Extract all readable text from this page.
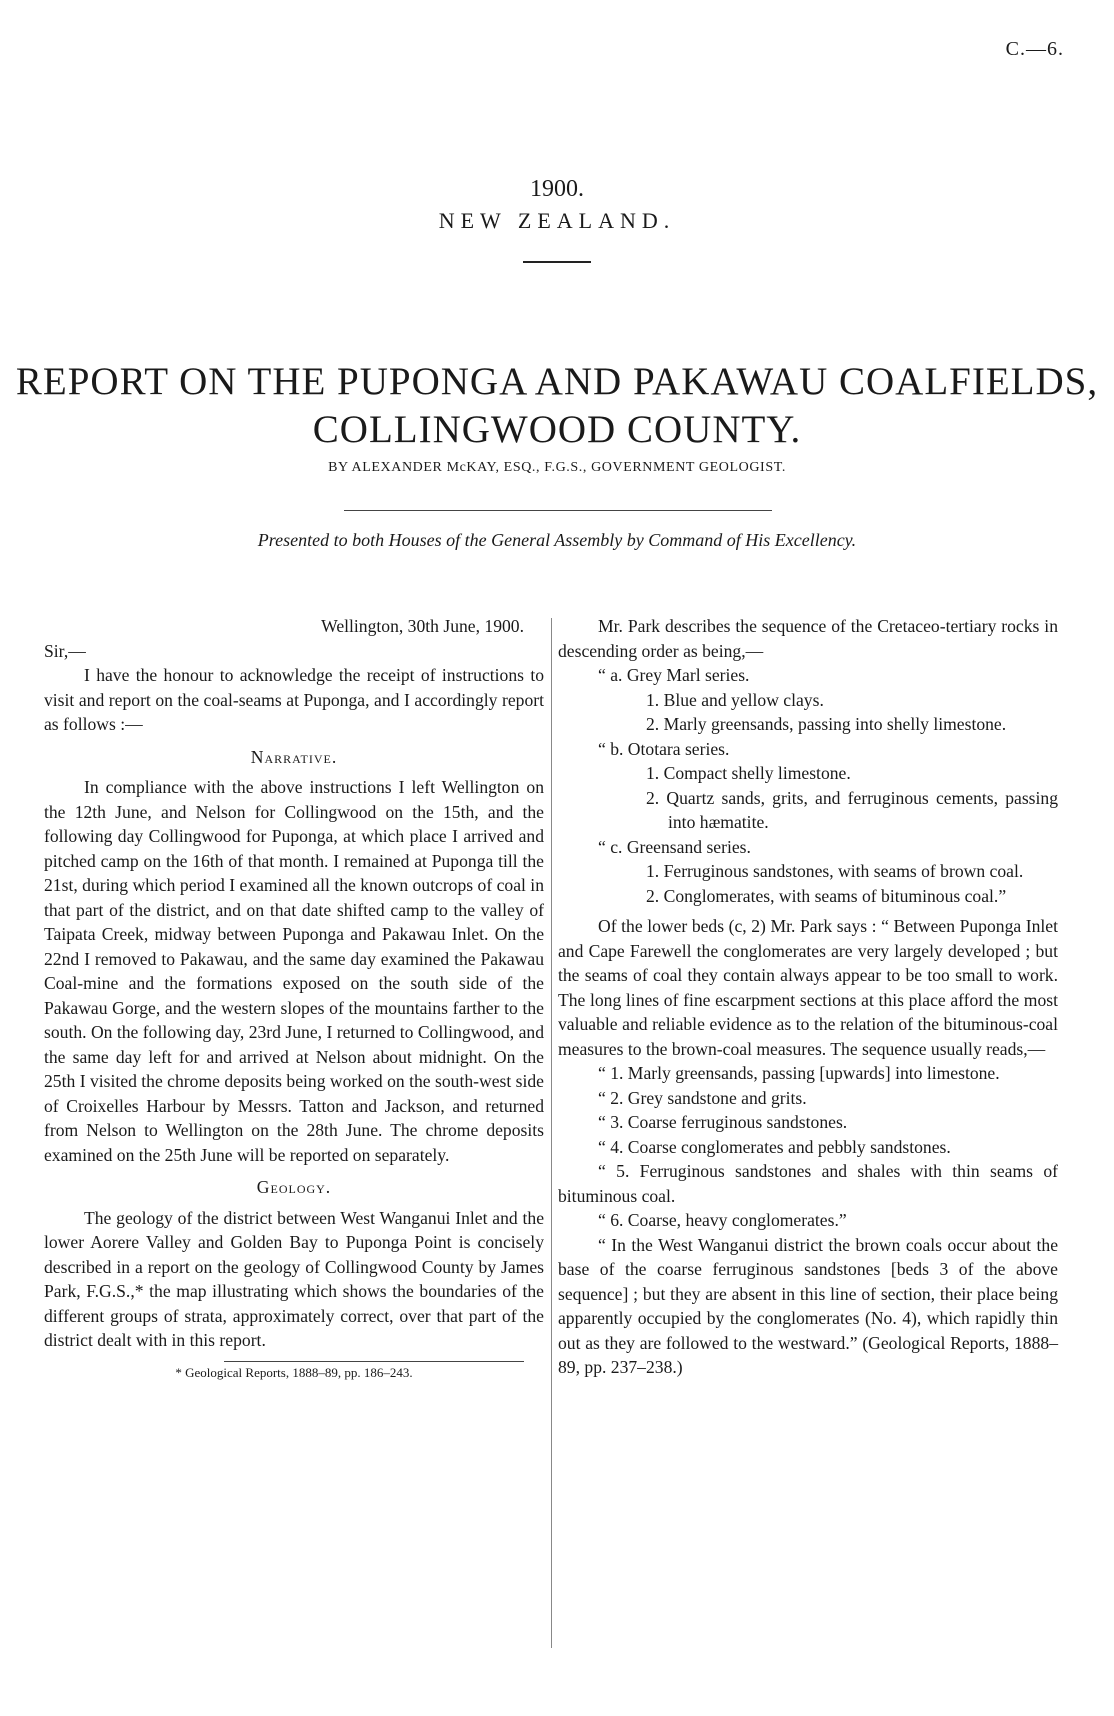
C.—6.
1900.
NEW ZEALAND.
REPORT ON THE PUPONGA AND PAKAWAU COALFIELDS,
COLLINGWOOD COUNTY.
BY ALEXANDER McKAY, ESQ., F.G.S., GOVERNMENT GEOLOGIST.
Presented to both Houses of the General Assembly by Command of His Excellency.

Wellington, 30th June, 1900.

Sir,—

I have the honour to acknowledge the receipt of instructions to visit and report on the coal-seams at Puponga, and I accordingly report as follows :—

Narrative.

In compliance with the above instructions I left Wellington on the 12th June, and Nelson for Collingwood on the 15th, and the following day Collingwood for Puponga, at which place I arrived and pitched camp on the 16th of that month. I remained at Puponga till the 21st, during which period I examined all the known outcrops of coal in that part of the district, and on that date shifted camp to the valley of Taipata Creek, midway between Puponga and Pakawau Inlet. On the 22nd I removed to Pakawau, and the same day examined the Pakawau Coal-mine and the formations exposed on the south side of the Pakawau Gorge, and the western slopes of the mountains farther to the south. On the following day, 23rd June, I returned to Collingwood, and the same day left for and arrived at Nelson about midnight. On the 25th I visited the chrome deposits being worked on the south-west side of Croixelles Harbour by Messrs. Tatton and Jackson, and returned from Nelson to Wellington on the 28th June. The chrome deposits examined on the 25th June will be reported on separately.

Geology.

The geology of the district between West Wanganui Inlet and the lower Aorere Valley and Golden Bay to Puponga Point is concisely described in a report on the geology of Collingwood County by James Park, F.G.S.,* the map illustrating which shows the boundaries of the different groups of strata, approximately correct, over that part of the district dealt with in this report.

* Geological Reports, 1888–89, pp. 186–243.

Mr. Park describes the sequence of the Cretaceo-tertiary rocks in descending order as being,—

“ a. Grey Marl series.

1. Blue and yellow clays.

2. Marly greensands, passing into shelly limestone.

“ b. Ototara series.

1. Compact shelly limestone.

2. Quartz sands, grits, and ferruginous cements, passing into hæmatite.

“ c. Greensand series.

1. Ferruginous sandstones, with seams of brown coal.

2. Conglomerates, with seams of bituminous coal.”

Of the lower beds (c, 2) Mr. Park says : “ Between Puponga Inlet and Cape Farewell the conglomerates are very largely developed ; but the seams of coal they contain always appear to be too small to work. The long lines of fine escarpment sections at this place afford the most valuable and reliable evidence as to the relation of the bituminous-coal measures to the brown-coal measures. The sequence usually reads,—

“ 1. Marly greensands, passing [upwards] into limestone.

“ 2. Grey sandstone and grits.

“ 3. Coarse ferruginous sandstones.

“ 4. Coarse conglomerates and pebbly sandstones.

“ 5. Ferruginous sandstones and shales with thin seams of bituminous coal.

“ 6. Coarse, heavy conglomerates.”

“ In the West Wanganui district the brown coals occur about the base of the coarse ferruginous sandstones [beds 3 of the above sequence] ; but they are absent in this line of section, their place being apparently occupied by the conglomerates (No. 4), which rapidly thin out as they are followed to the westward.” (Geological Reports, 1888–89, pp. 237–238.)
